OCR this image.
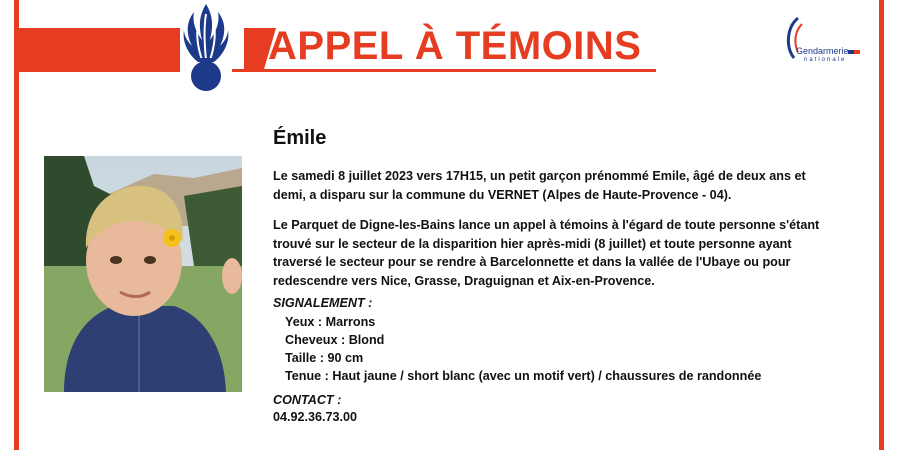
APPEL À TÉMOINS	Gendarmerie
nationale
Émile

Le samedi 8 juillet 2023 vers 17H15, un petit garçon prénommé Emile, âgé de deux ans et demi, a disparu sur la commune du VERNET (Alpes de Haute-Provence - 04).

Le Parquet de Digne-les-Bains lance un appel à témoins à l'égard de toute personne s'étant trouvé sur le secteur de la disparition hier après-midi (8 juillet) et toute personne ayant traversé le secteur pour se rendre à Barcelonnette et dans la vallée de l'Ubaye ou pour redescendre vers Nice, Grasse, Draguignan et Aix-en-Provence.

SIGNALEMENT :

Yeux : Marrons
Cheveux : Blond
Taille : 90 cm
Tenue : Haut jaune / short blanc (avec un motif vert) / chaussures de randonnée

CONTACT :

04.92.36.73.00
